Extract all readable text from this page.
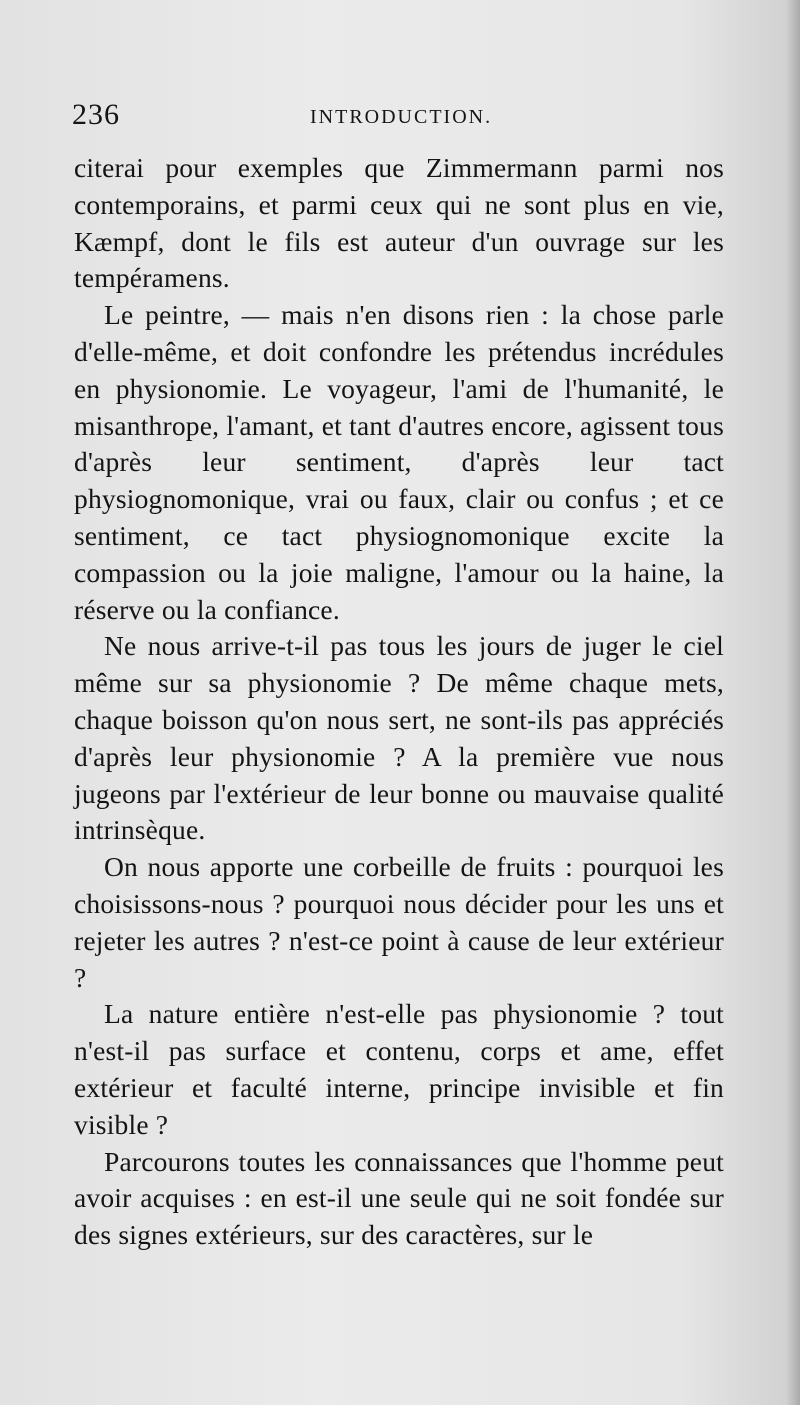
236	INTRODUCTION.

citerai pour exemples que Zimmermann parmi nos contemporains, et parmi ceux qui ne sont plus en vie, Kæmpf, dont le fils est auteur d'un ouvrage sur les tempéramens.

Le peintre, — mais n'en disons rien : la chose parle d'elle-même, et doit confondre les prétendus incrédules en physionomie. Le voyageur, l'ami de l'humanité, le misanthrope, l'amant, et tant d'autres encore, agissent tous d'après leur sentiment, d'après leur tact physiognomonique, vrai ou faux, clair ou confus ; et ce sentiment, ce tact physiognomonique excite la compassion ou la joie maligne, l'amour ou la haine, la réserve ou la confiance.

Ne nous arrive-t-il pas tous les jours de juger le ciel même sur sa physionomie ? De même chaque mets, chaque boisson qu'on nous sert, ne sont-ils pas appréciés d'après leur physionomie ? A la première vue nous jugeons par l'extérieur de leur bonne ou mauvaise qualité intrinsèque.

On nous apporte une corbeille de fruits : pourquoi les choisissons-nous ? pourquoi nous décider pour les uns et rejeter les autres ? n'est-ce point à cause de leur extérieur ?

La nature entière n'est-elle pas physionomie ? tout n'est-il pas surface et contenu, corps et ame, effet extérieur et faculté interne, principe invisible et fin visible ?

Parcourons toutes les connaissances que l'homme peut avoir acquises : en est-il une seule qui ne soit fondée sur des signes extérieurs, sur des caractères, sur le
